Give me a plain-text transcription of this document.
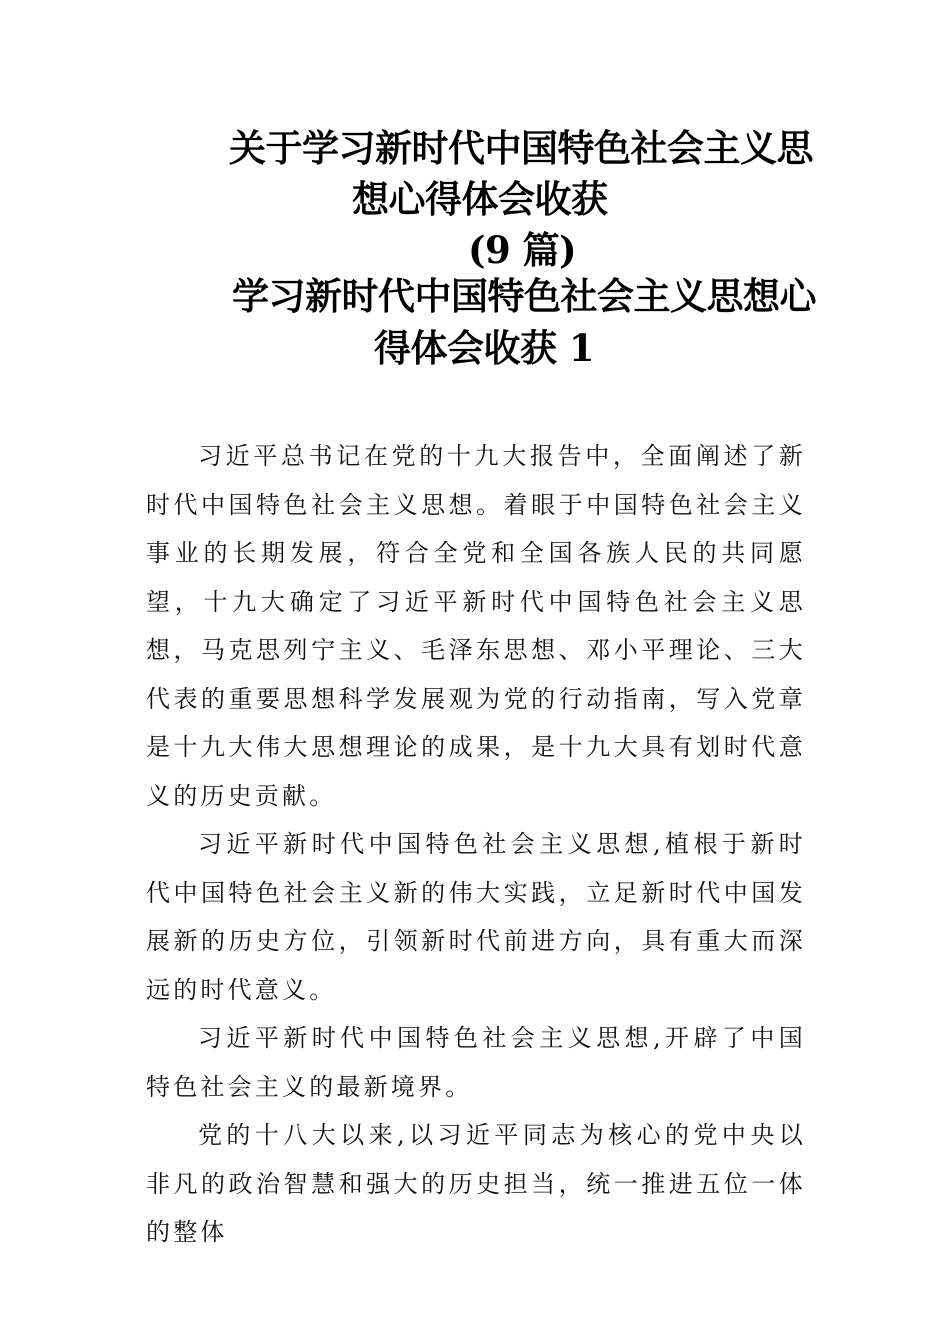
关于学习新时代中国特色社会主义思
想心得体会收获
(9 篇)
学习新时代中国特色社会主义思想心
得体会收获 1

习近平总书记在党的十九大报告中，全面阐述了新时代中国特色社会主义思想。着眼于中国特色社会主义事业的长期发展，符合全党和全国各族人民的共同愿望，十九大确定了习近平新时代中国特色社会主义思想，马克思列宁主义、毛泽东思想、邓小平理论、三大代表的重要思想科学发展观为党的行动指南，写入党章是十九大伟大思想理论的成果，是十九大具有划时代意义的历史贡献。

习近平新时代中国特色社会主义思想,植根于新时代中国特色社会主义新的伟大实践，立足新时代中国发展新的历史方位，引领新时代前进方向，具有重大而深远的时代意义。

习近平新时代中国特色社会主义思想,开辟了中国特色社会主义的最新境界。

党的十八大以来,以习近平同志为核心的党中央以非凡的政治智慧和强大的历史担当，统一推进五位一体的整体
